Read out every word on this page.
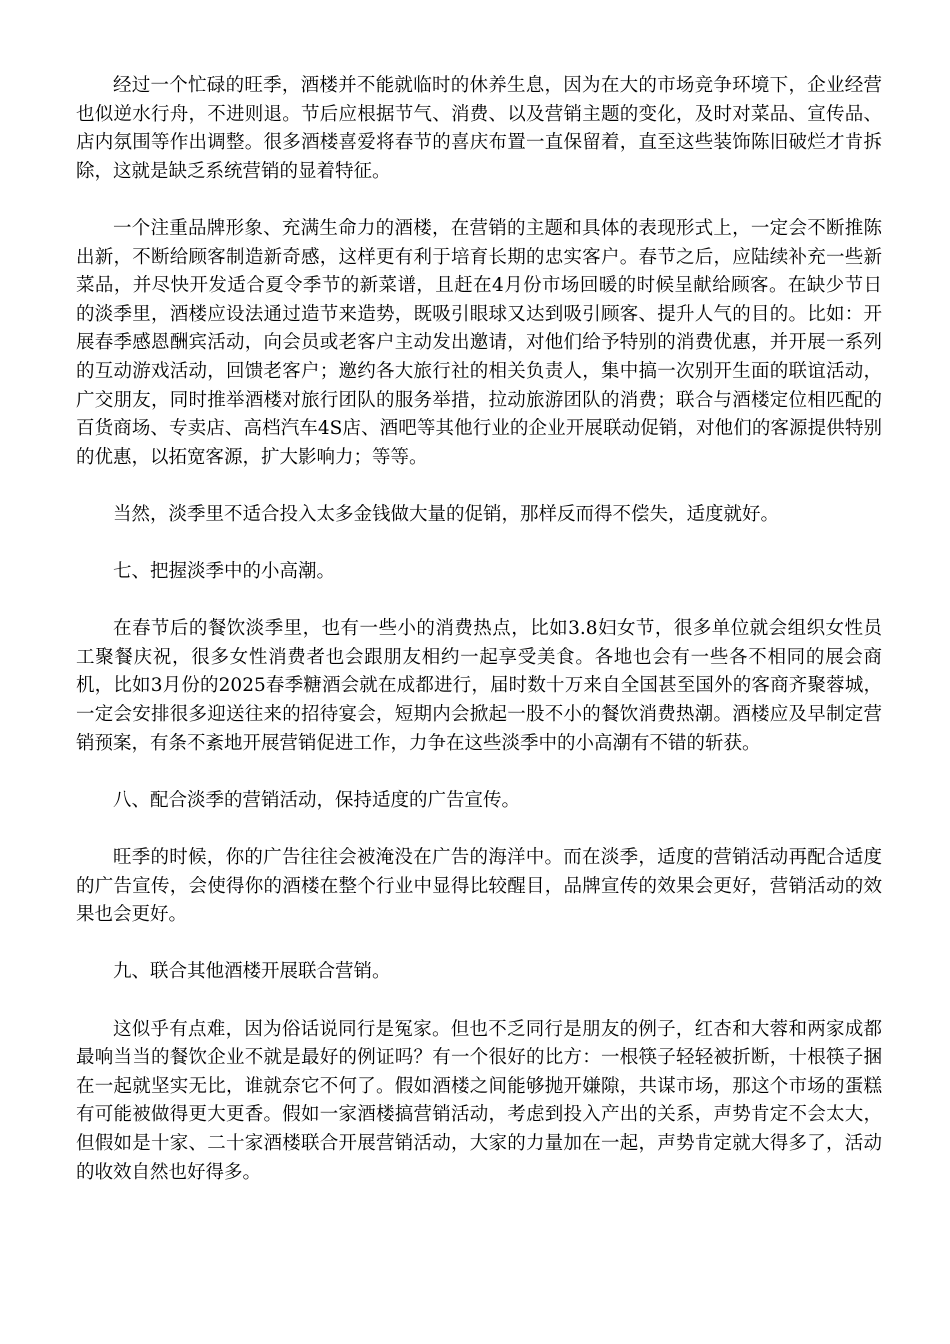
经过一个忙碌的旺季，酒楼并不能就临时的休养生息，因为在大的市场竞争环境下，企业经营也似逆水行舟，不进则退。节后应根据节气、消费、以及营销主题的变化，及时对菜品、宣传品、店内氛围等作出调整。很多酒楼喜爱将春节的喜庆布置一直保留着，直至这些装饰陈旧破烂才肯拆除，这就是缺乏系统营销的显着特征。

一个注重品牌形象、充满生命力的酒楼，在营销的主题和具体的表现形式上，一定会不断推陈出新，不断给顾客制造新奇感，这样更有利于培育长期的忠实客户。春节之后，应陆续补充一些新菜品，并尽快开发适合夏令季节的新菜谱，且赶在4月份市场回暖的时候呈献给顾客。在缺少节日的淡季里，酒楼应设法通过造节来造势，既吸引眼球又达到吸引顾客、提升人气的目的。比如：开展春季感恩酬宾活动，向会员或老客户主动发出邀请，对他们给予特别的消费优惠，并开展一系列的互动游戏活动，回馈老客户；邀约各大旅行社的相关负责人，集中搞一次别开生面的联谊活动，广交朋友，同时推举酒楼对旅行团队的服务举措，拉动旅游团队的消费；联合与酒楼定位相匹配的百货商场、专卖店、高档汽车4S店、酒吧等其他行业的企业开展联动促销，对他们的客源提供特别的优惠，以拓宽客源，扩大影响力；等等。

当然，淡季里不适合投入太多金钱做大量的促销，那样反而得不偿失，适度就好。

七、把握淡季中的小高潮。

在春节后的餐饮淡季里，也有一些小的消费热点，比如3.8妇女节，很多单位就会组织女性员工聚餐庆祝，很多女性消费者也会跟朋友相约一起享受美食。各地也会有一些各不相同的展会商机，比如3月份的2025春季糖酒会就在成都进行，届时数十万来自全国甚至国外的客商齐聚蓉城，一定会安排很多迎送往来的招待宴会，短期内会掀起一股不小的餐饮消费热潮。酒楼应及早制定营销预案，有条不紊地开展营销促进工作，力争在这些淡季中的小高潮有不错的斩获。

八、配合淡季的营销活动，保持适度的广告宣传。

旺季的时候，你的广告往往会被淹没在广告的海洋中。而在淡季，适度的营销活动再配合适度的广告宣传，会使得你的酒楼在整个行业中显得比较醒目，品牌宣传的效果会更好，营销活动的效果也会更好。

九、联合其他酒楼开展联合营销。

这似乎有点难，因为俗话说同行是冤家。但也不乏同行是朋友的例子，红杏和大蓉和两家成都最响当当的餐饮企业不就是最好的例证吗？有一个很好的比方：一根筷子轻轻被折断，十根筷子捆在一起就坚实无比，谁就奈它不何了。假如酒楼之间能够抛开嫌隙，共谋市场，那这个市场的蛋糕有可能被做得更大更香。假如一家酒楼搞营销活动，考虑到投入产出的关系，声势肯定不会太大，但假如是十家、二十家酒楼联合开展营销活动，大家的力量加在一起，声势肯定就大得多了，活动的收效自然也好得多。
